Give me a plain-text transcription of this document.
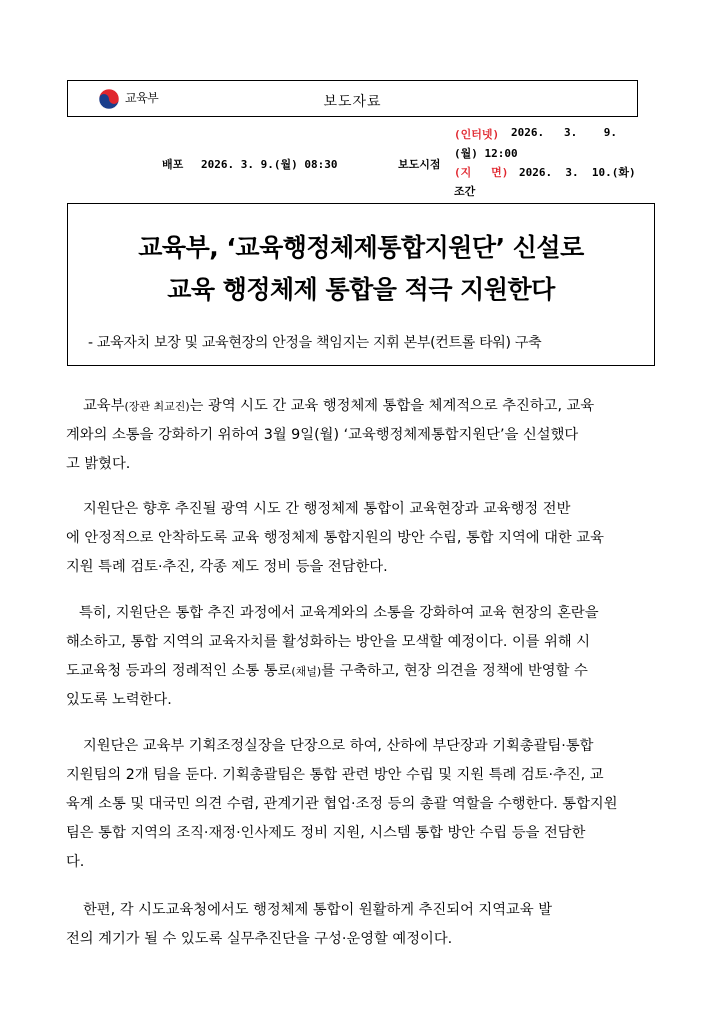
교육부	보도자료
배포 2026. 3. 9.(월) 08:30	보도시점
조간
(인터넷) 2026.   3.    9.
(월) 12:00
(지   면) 2026.  3.  10.(화)
교육부, ‘교육행정체제통합지원단’ 신설로
교육 행정체제 통합을 적극 지원한다
- 교육자치 보장 및 교육현장의 안정을 책임지는 지휘 본부(컨트롤 타워) 구축
교육부(장관 최교진)는 광역 시도 간 교육 행정체제 통합을 체계적으로 추진하고, 교육
계와의 소통을 강화하기 위하여 3월 9일(월) ‘교육행정체제통합지원단’을 신설했다
고 밝혔다.
지원단은 향후 추진될 광역 시도 간 행정체제 통합이 교육현장과 교육행정 전반
에 안정적으로 안착하도록 교육 행정체제 통합지원의 방안 수립, 통합 지역에 대한 교육
지원 특례 검토·추진, 각종 제도 정비 등을 전담한다.
특히, 지원단은 통합 추진 과정에서 교육계와의 소통을 강화하여 교육 현장의 혼란을
해소하고, 통합 지역의 교육자치를 활성화하는 방안을 모색할 예정이다. 이를 위해 시
도교육청 등과의 정례적인 소통 통로(채널)를 구축하고, 현장 의견을 정책에 반영할 수
있도록 노력한다.
지원단은 교육부 기획조정실장을 단장으로 하여, 산하에 부단장과 기획총괄팀·통합
지원팀의 2개 팀을 둔다. 기획총괄팀은 통합 관련 방안 수립 및 지원 특례 검토·추진, 교
육계 소통 및 대국민 의견 수렴, 관계기관 협업·조정 등의 총괄 역할을 수행한다. 통합지원
팀은 통합 지역의 조직·재정·인사제도 정비 지원, 시스템 통합 방안 수립 등을 전담한
다.
한편, 각 시도교육청에서도 행정체제 통합이 원활하게 추진되어 지역교육 발
전의 계기가 될 수 있도록 실무추진단을 구성·운영할 예정이다.
